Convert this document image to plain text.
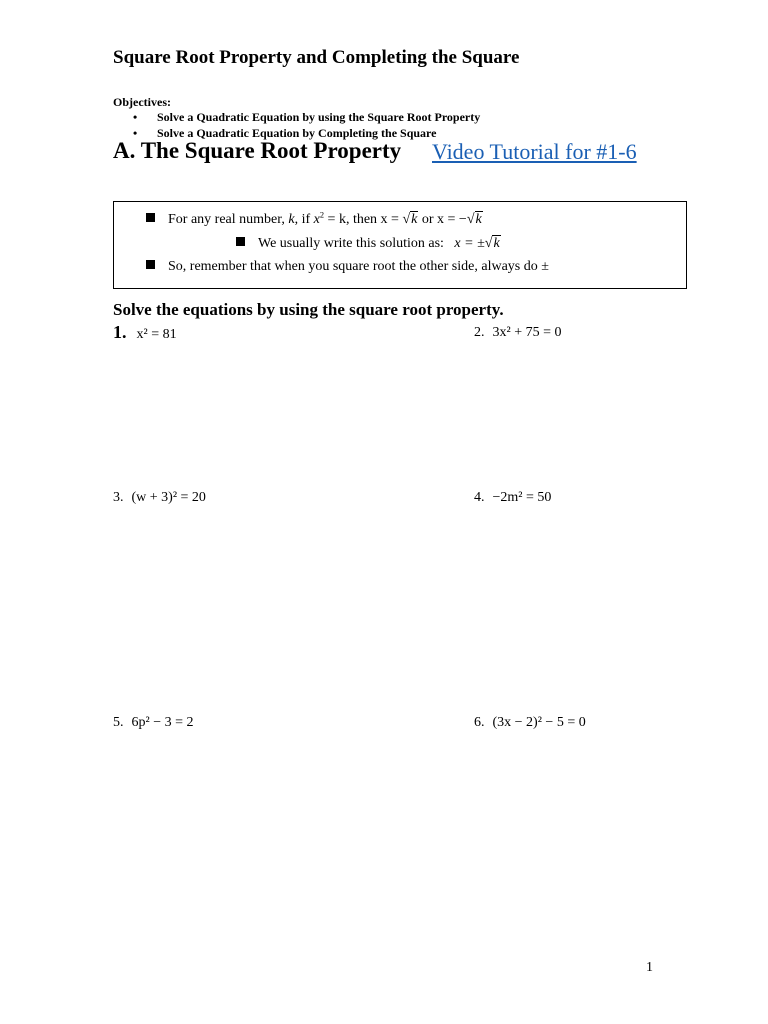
Square Root Property and Completing the Square
Objectives:
• Solve a Quadratic Equation by using the Square Root Property
• Solve a Quadratic Equation by Completing the Square
A. The Square Root Property Video Tutorial for #1-6
For any real number, k, if $x^2 = k$, then x = √k or x = −√k
We usually write this solution as: x = ±√k
So, remember that when you square root the other side, always do ±
Solve the equations by using the square root property.
1. x² = 81	2. 3x² + 75 = 0
3. (w + 3)² = 20	4. −2m² = 50
5. 6p² − 3 = 2	6. (3x − 2)² − 5 = 0
1
